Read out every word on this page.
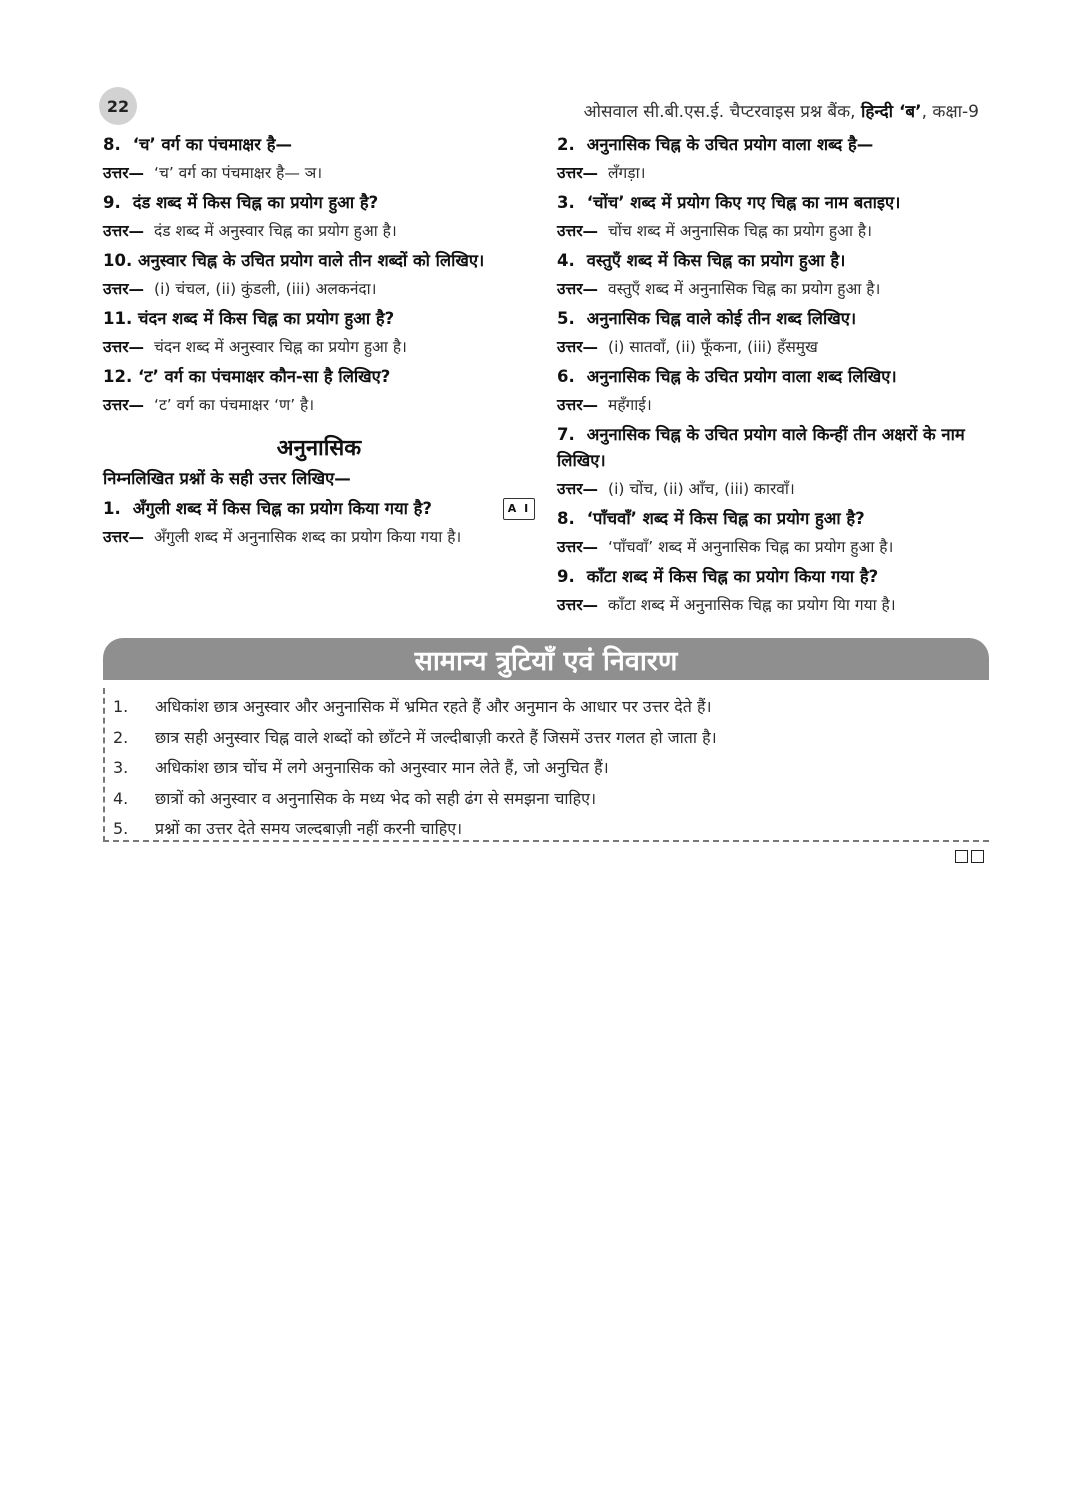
22	ओसवाल सी.बी.एस.ई. चैप्टरवाइस प्रश्न बैंक, हिन्दी ‘ब’, कक्षा-9
8. ‘च’ वर्ग का पंचमाक्षर है—
उत्तर— ‘च’ वर्ग का पंचमाक्षर है— ञ।
9. दंड शब्द में किस चिह्न का प्रयोग हुआ है?
उत्तर— दंड शब्द में अनुस्वार चिह्न का प्रयोग हुआ है।
10. अनुस्वार चिह्न के उचित प्रयोग वाले तीन शब्दों को लिखिए।
उत्तर— (i) चंचल, (ii) कुंडली, (iii) अलकनंदा।
11. चंदन शब्द में किस चिह्न का प्रयोग हुआ है?
उत्तर— चंदन शब्द में अनुस्वार चिह्न का प्रयोग हुआ है।
12. ‘ट’ वर्ग का पंचमाक्षर कौन-सा है लिखिए?
उत्तर— ‘ट’ वर्ग का पंचमाक्षर ‘ण’ है।
अनुनासिक
निम्नलिखित प्रश्नों के सही उत्तर लिखिए—
1. अँगुली शब्द में किस चिह्न का प्रयोग किया गया है?	A I
उत्तर— अँगुली शब्द में अनुनासिक शब्द का प्रयोग किया गया है।
2. अनुनासिक चिह्न के उचित प्रयोग वाला शब्द है—
उत्तर— लँगड़ा।
3. ‘चोंच’ शब्द में प्रयोग किए गए चिह्न का नाम बताइए।
उत्तर— चोंच शब्द में अनुनासिक चिह्न का प्रयोग हुआ है।
4. वस्तुएँ शब्द में किस चिह्न का प्रयोग हुआ है।
उत्तर— वस्तुएँ शब्द में अनुनासिक चिह्न का प्रयोग हुआ है।
5. अनुनासिक चिह्न वाले कोई तीन शब्द लिखिए।
उत्तर— (i) सातवाँ, (ii) फूँकना, (iii) हँसमुख
6. अनुनासिक चिह्न के उचित प्रयोग वाला शब्द लिखिए।
उत्तर— महँगाई।
7. अनुनासिक चिह्न के उचित प्रयोग वाले किन्हीं तीन अक्षरों के नाम लिखिए।
उत्तर— (i) चोंच, (ii) आँच, (iii) कारवाँ।
8. ‘पाँचवाँ’ शब्द में किस चिह्न का प्रयोग हुआ है?
उत्तर— ‘पाँचवाँ’ शब्द में अनुनासिक चिह्न का प्रयोग हुआ है।
9. काँटा शब्द में किस चिह्न का प्रयोग किया गया है?
उत्तर— काँटा शब्द में अनुनासिक चिह्न का प्रयोग यिा गया है।
सामान्य त्रुटियाँ एवं निवारण
1.	अधिकांश छात्र अनुस्वार और अनुनासिक में भ्रमित रहते हैं और अनुमान के आधार पर उत्तर देते हैं।
2.	छात्र सही अनुस्वार चिह्न वाले शब्दों को छाँटने में जल्दीबाज़ी करते हैं जिसमें उत्तर गलत हो जाता है।
3.	अधिकांश छात्र चोंच में लगे अनुनासिक को अनुस्वार मान लेते हैं, जो अनुचित हैं।
4.	छात्रों को अनुस्वार व अनुनासिक के मध्य भेद को सही ढंग से समझना चाहिए।
5.	प्रश्नों का उत्तर देते समय जल्दबाज़ी नहीं करनी चाहिए।
